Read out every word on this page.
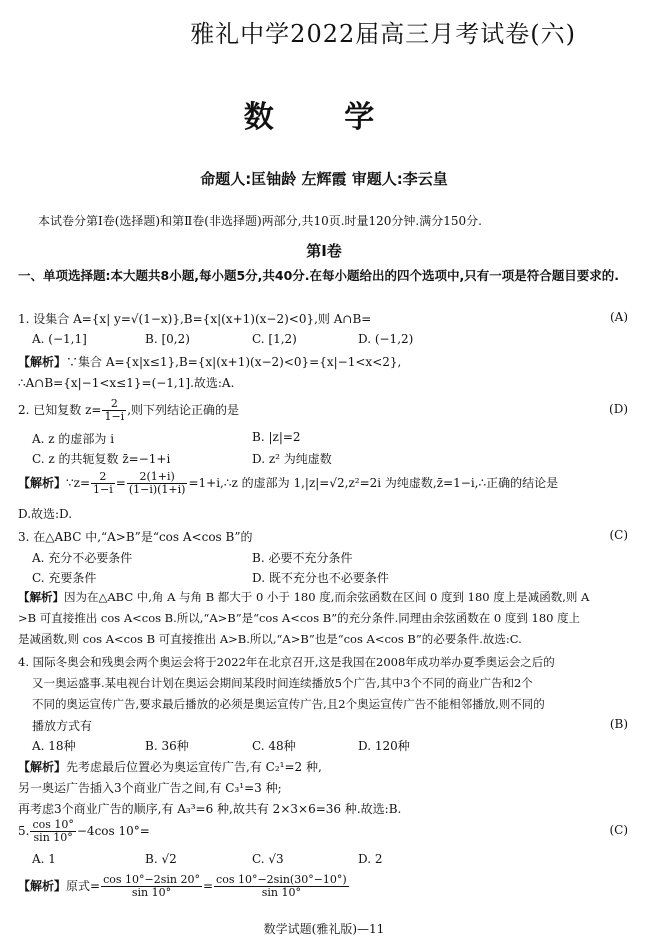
雅礼中学2022届高三月考试卷(六)
数 学
命题人:匡铀龄 左辉霞 审题人:李云皇
本试卷分第Ⅰ卷(选择题)和第Ⅱ卷(非选择题)两部分,共10页.时量120分钟.满分150分.
第Ⅰ卷
一、单项选择题:本大题共8小题,每小题5分,共40分.在每小题给出的四个选项中,只有一项是符合题目要求的.
1. 设集合 A={x| y=√(1−x)},B={x|(x+1)(x−2)<0},则 A∩B=	(A)
A. (−1,1]	B. [0,2)	C. [1,2)	D. (−1,2)
【解析】∵集合 A={x|x≤1},B={x|(x+1)(x−2)<0}={x|−1<x<2},
∴A∩B={x|−1<x≤1}=(−1,1].故选:A.
2. 已知复数 $z= \frac{2}{1-i}$ ,则下列结论正确的是	(D)
A. z 的虚部为 i	B. |z|=2
C. z 的共轭复数 z̄=−1+i	D. z² 为纯虚数
【解析】∵z= $\frac{2}{1-i} = \frac{2(1+i)}{(1-i)(1+i)}$ =1+i,∴z 的虚部为 1,|z|=√2,z²=2i 为纯虚数,z̄=1−i,∴正确的结论是
D.故选:D.
3. 在△ABC 中,“A>B”是“cos A<cos B”的	(C)
A. 充分不必要条件	B. 必要不充分条件
C. 充要条件	D. 既不充分也不必要条件
【解析】因为在△ABC 中,角 A 与角 B 都大于 0 小于 180 度,而余弦函数在区间 0 度到 180 度上是减函数,则 A
>B 可直接推出 cos A<cos B.所以,“A>B”是“cos A<cos B”的充分条件.同理由余弦函数在 0 度到 180 度上
是减函数,则 cos A<cos B 可直接推出 A>B.所以,“A>B”也是“cos A<cos B”的必要条件.故选:C.
4. 国际冬奥会和残奥会两个奥运会将于2022年在北京召开,这是我国在2008年成功举办夏季奥运会之后的
又一奥运盛事.某电视台计划在奥运会期间某段时间连续播放5个广告,其中3个不同的商业广告和2个
不同的奥运宣传广告,要求最后播放的必须是奥运宣传广告,且2个奥运宣传广告不能相邻播放,则不同的
播放方式有	(B)
A. 18种	B. 36种	C. 48种	D. 120种
【解析】先考虑最后位置必为奥运宣传广告,有 C₂¹=2 种,
另一奥运广告插入3个商业广告之间,有 C₃¹=3 种;
再考虑3个商业广告的顺序,有 A₃³=6 种,故共有 2×3×6=36 种.故选:B.
5. $\frac{\cos 10^\circ}{\sin 10^\circ} -4\cos$ 10°=	(C)
A. 1	B. √2	C. √3	D. 2
【解析】原式= $\frac{\cos 10^\circ-2\sin 20^\circ}{\sin 10^\circ} = \frac{\cos 10^\circ-2\sin(30^\circ-10^\circ)}{\sin 10^\circ}$
数学试题(雅礼版)—11
